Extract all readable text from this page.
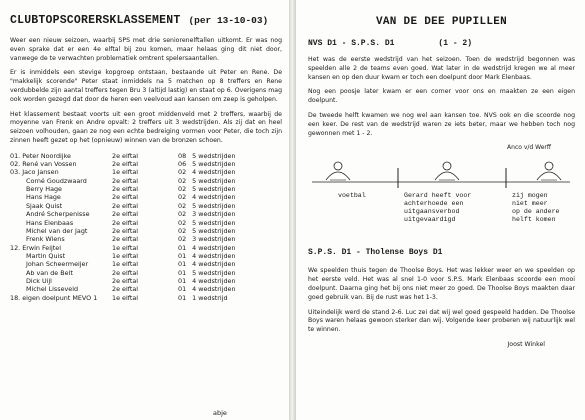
CLUBTOPSCORERSKLASSEMENT (per 13-10-03)

Weer een nieuw seizoen, waarbij SPS met drie seniorenelftallen uitkomt. Er was nog even sprake dat er een 4e elftal bij zou komen, maar helaas ging dit niet door, vanwege de te verwachten problematiek omtrent spelersaantallen.

Er is inmiddels een stevige kopgroep ontstaan, bestaande uit Peter en Rene. De "makkelijk scorende" Peter staat inmiddels na 5 matchen op 8 treffers en Rene verdubbelde zijn aantal treffers tegen Bru 3 (altijd lastig) en staat op 6. Overigens mag ook worden gezegd dat door de heren een veelvoud aan kansen om zeep is geholpen.

Het klassement bestaat voorts uit een groot middenveld met 2 treffers, waarbij de moyenne van Frenk en Andre opvalt: 2 treffers uit 3 wedstrijden. Als zij dat en heel seizoen volhouden, gaan ze nog een echte bedreiging vormen voor Peter, die toch zijn zinnen heeft gezet op het (opnieuw) winnen van de bronzen schoen.

01. Peter Noordijke	2e elftal	08	5 wedstrijden
02. René van Vossen	2e elftal	06	5 wedstrijden
03. Jaco Jansen	1e elftal	02	4 wedstrijden
Corné Goudzwaard	2e elftal	02	5 wedstrijden
Berry Hage	2e elftal	02	5 wedstrijden
Hans Hage	2e elftal	02	4 wedstrijden
Sjaak Quist	2e elftal	02	5 wedstrijden
André Scherpenisse	2e elftal	02	3 wedstrijden
Hans Elenbaas	2e elftal	02	5 wedstrijden
Michel van der Jagt	2e elftal	02	5 wedstrijden
Frenk Wiens	2e elftal	02	3 wedstrijden
12. Erwin Feijtel	1e elftal	01	4 wedstrijden
Martin Quist	1e elftal	01	4 wedstrijden
Johan Scheermeijer	1e elftal	01	4 wedstrijden
Ab van de Belt	2e elftal	01	5 wedstrijden
Dick Uijl	2e elftal	01	4 wedstrijden
Michel Lisseveld	2e elftal	01	4 wedstrijden
18. eigen doelpunt MEVO 1	1e elftal	01	1 wedstrijd
abje
VAN DE DEE PUPILLEN
NVS D1 - S.P.S. D1	(1 - 2)

Het was de eerste wedstrijd van het seizoen. Toen de wedstrijd begonnen was speelden alle 2 de teams even goed. Wat later in de wedstrijd kregen we al meer kansen en op den duur kwam er toch een doelpunt door Mark Elenbaas.

Nog een poosje later kwam er een corner voor ons en maakten ze een eigen doelpunt.

De tweede helft kwamen we nog wel aan kansen toe. NVS ook en die scoorde nog een keer. De rest van de wedstrijd waren ze iets beter, maar we hebben toch nog gewonnen met 1 - 2.

Anco v/d Werff
voetbal	Gerard heeft voor
achterhoede een
uitgaansverbod
uitgevaardigd
zij mogen
niet meer
op de andere
helft komen
S.P.S. D1 - Tholense Boys D1

We speelden thuis tegen de Thoolse Boys. Het was lekker weer en we speelden op het eerste veld. Het was al snel 1-0 voor S.P.S. Mark Elenbaas scoorde een mooi doelpunt. Daarna ging het bij ons niet meer zo goed. De Thoolse Boys maakten daar goed gebruik van. Bij de rust was het 1-3.

Uiteindelijk werd de stand 2-6. Luc zei dat wij wel goed gespeeld hadden. De Thoolse Boys waren helaas gewoon sterker dan wij. Volgende keer proberen wij natuurlijk wel te winnen.

Joost Winkel
